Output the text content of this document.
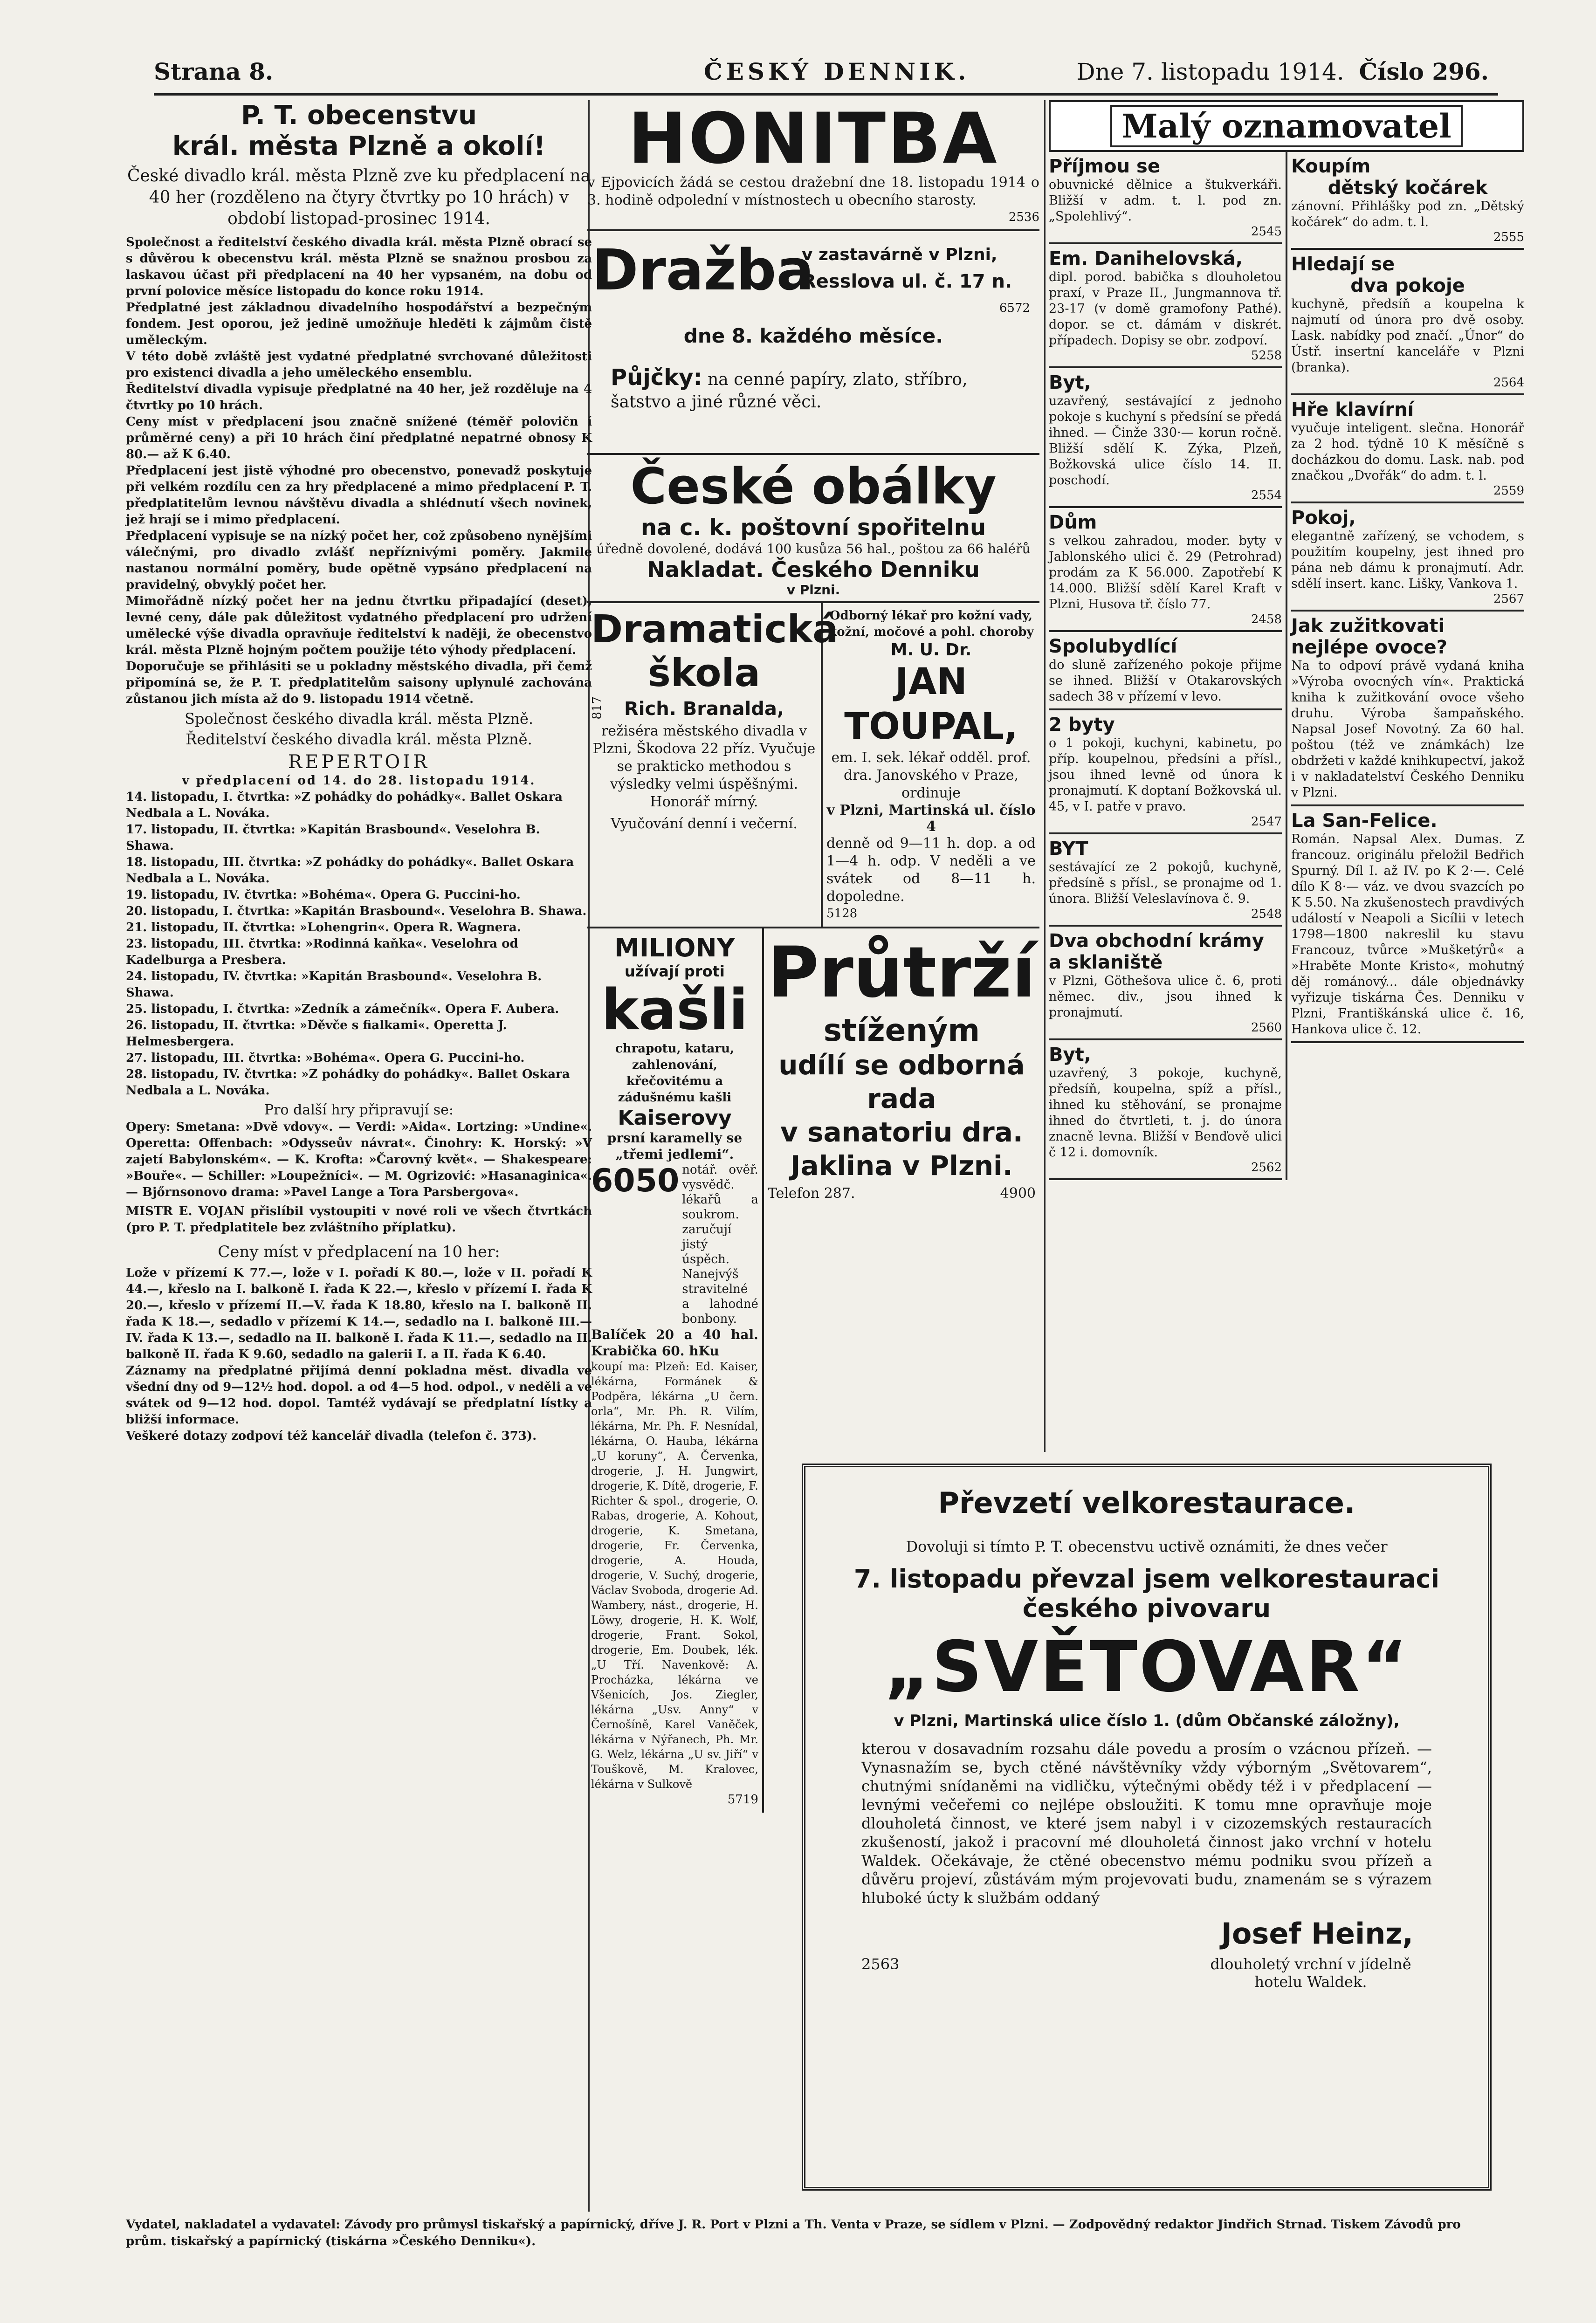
Strana 8.	ČESKÝ DENNIK.	Dne 7. listopadu 1914. Číslo 296.
P. T. obecenstvu
král. města Plzně a okolí!

České divadlo král. města Plzně zve ku předplacení na 40 her (rozděleno na čtyry čtvrtky po 10 hrách) v období listopad-prosinec 1914.

Společnost a ředitelství českého divadla král. města Plzně obrací se s důvěrou k obecenstvu král. města Plzně se snažnou prosbou za laskavou účast při předplacení na 40 her vypsaném, na dobu od první polovice měsíce listopadu do konce roku 1914.

Předplatné jest základnou divadelního hospodářství a bezpečným fondem. Jest oporou, jež jedině umožňuje hleděti k zájmům čistě uměleckým.

V této době zvláště jest vydatné předplatné svrchované důležitosti pro existenci divadla a jeho uměleckého ensemblu.

Ředitelství divadla vypisuje předplatné na 40 her, jež rozděluje na 4 čtvrtky po 10 hrách.

Ceny míst v předplacení jsou značně snížené (téměř polovičn í průměrné ceny) a při 10 hrách činí předplatné nepatrné obnosy K 80.— až K 6.40.

Předplacení jest jistě výhodné pro obecenstvo, ponevadž poskytuje při velkém rozdílu cen za hry předplacené a mimo předplacení P. T. předplatitelům levnou návštěvu divadla a shlédnutí všech novinek, jež hrají se i mimo předplacení.

Předplacení vypisuje se na nízký počet her, což způsobeno nynějšími válečnými, pro divadlo zvlášť nepříznivými poměry. Jakmile nastanou normální poměry, bude opětně vypsáno předplacení na pravidelný, obvyklý počet her.

Mimořádně nízký počet her na jednu čtvrtku připadající (deset), levné ceny, dále pak důležitost vydatného předplacení pro udržení umělecké výše divadla opravňuje ředitelství k naději, že obecenstvo král. města Plzně hojným počtem použije této výhody předplacení.

Doporučuje se přihlásiti se u pokladny městského divadla, při čemž připomíná se, že P. T. předplatitelům saisony uplynulé zachována zůstanou jich místa až do 9. listopadu 1914 včetně.

Společnost českého divadla král. města Plzně.

Ředitelství českého divadla král. města Plzně.

REPERTOIR

v předplacení od 14. do 28. listopadu 1914.

14. listopadu, I. čtvrtka: »Z pohádky do pohádky«. Ballet Oskara Nedbala a L. Nováka.

17. listopadu, II. čtvrtka: »Kapitán Brasbound«. Veselohra B. Shawa.

18. listopadu, III. čtvrtka: »Z pohádky do pohádky«. Ballet Oskara Nedbala a L. Nováka.

19. listopadu, IV. čtvrtka: »Bohéma«. Opera G. Puccini-ho.

20. listopadu, I. čtvrtka: »Kapitán Brasbound«. Veselohra B. Shawa.

21. listopadu, II. čtvrtka: »Lohengrin«. Opera R. Wagnera.

23. listopadu, III. čtvrtka: »Rodinná kaňka«. Veselohra od Kadelburga a Presbera.

24. listopadu, IV. čtvrtka: »Kapitán Brasbound«. Veselohra B. Shawa.

25. listopadu, I. čtvrtka: »Zedník a zámečník«. Opera F. Aubera.

26. listopadu, II. čtvrtka: »Děvče s fialkami«. Operetta J. Helmesbergera.

27. listopadu, III. čtvrtka: »Bohéma«. Opera G. Puccini-ho.

28. listopadu, IV. čtvrtka: »Z pohádky do pohádky«. Ballet Oskara Nedbala a L. Nováka.

Pro další hry připravují se:

Opery: Smetana: »Dvě vdovy«. — Verdi: »Aida«. Lortzing: »Undine«. Operetta: Offenbach: »Odysseův návrat«. Činohry: K. Horský: »V zajetí Babylonském«. — K. Krofta: »Čarovný květ«. — Shakespeare: »Bouře«. — Schiller: »Loupežníci«. — M. Ogrizović: »Hasanaginica«. — Bjőrnsonovo drama: »Pavel Lange a Tora Parsbergova«.

MISTR E. VOJAN přislíbil vystoupiti v nové roli ve všech čtvrtkách (pro P. T. předplatitele bez zvláštního příplatku).

Ceny míst v předplacení na 10 her:

Lože v přízemí K 77.—, lože v I. pořadí K 80.—, lože v II. pořadí K 44.—, křeslo na I. balkoně I. řada K 22.—, křeslo v přízemí I. řada K 20.—, křeslo v přízemí II.—V. řada K 18.80, křeslo na I. balkoně II. řada K 18.—, sedadlo v přízemí K 14.—, sedadlo na I. balkoně III.—IV. řada K 13.—, sedadlo na II. balkoně I. řada K 11.—, sedadlo na II. balkoně II. řada K 9.60, sedadlo na galerii I. a II. řada K 6.40.

Záznamy na předplatné přijímá denní pokladna měst. divadla ve všední dny od 9—12½ hod. dopol. a od 4—5 hod. odpol., v neděli a ve svátek od 9—12 hod. dopol. Tamtéž vydávají se předplatní lístky a bližší informace.

Veškeré dotazy zodpoví též kancelář divadla (telefon č. 373).

HONITBA

v Ejpovicích žádá se cestou dražební dne 18. listopadu 1914 o 3. hodině odpolední v místnostech u obecního starosty.

2536

Dražba
v zastavárně v Plzni,
Resslova ul. č. 17 n.
6572
dne 8. každého měsíce.
Půjčky: na cenné papíry, zlato, stříbro, šatstvo a jiné různé věci.
České obálky
na c. k. poštovní spořitelnu

úředně dovolené, dodává 100 kusůza 56 hal., poštou za 66 haléřů

Nakladat. Českého Denniku
v Plzni.
Dramatická
škola
817	Rich. Branalda,

režiséra městského divadla v Plzni, Škodova 22 příz. Vyučuje se prakticko methodou s výsledky velmi úspěšnými. Honorář mírný.

Vyučování denní i večerní.

Odborný lékař pro kožní vady, kožní, močové a pohl. choroby

M. U. Dr.
JAN TOUPAL,

em. I. sek. lékař odděl. prof. dra. Janovského v Praze, ordinuje

v Plzni, Martinská ul. číslo 4

denně od 9—11 h. dop. a od 1—4 h. odp. V neděli a ve svátek od 8—11 h. dopoledne.

5128

MILIONY
užívají proti
kašli

chrapotu, kataru, zahlenování, křečovitému a zádušnému kašli

Kaiserovy

prsní karamelly se „třemi jedlemi“.

6050 notář. ověř. vysvědč. lékařů a soukrom. zaručují jistý úspěch. Nanejvýš stravitelné a lahodné bonbony.

Balíček 20 a 40 hal. Krabička 60. hKu

koupí ma: Plzeň: Ed. Kaiser, lékárna, Formánek & Podpěra, lékárna „U čern. orla“, Mr. Ph. R. Vilím, lékárna, Mr. Ph. F. Nesnídal, lékárna, O. Hauba, lékárna „U koruny“, A. Červenka, drogerie, J. H. Jungwirt, drogerie, K. Dítě, drogerie, F. Richter & spol., drogerie, O. Rabas, drogerie, A. Kohout, drogerie, K. Smetana, drogerie, Fr. Červenka, drogerie, A. Houda, drogerie, V. Suchý, drogerie, Václav Svoboda, drogerie Ad. Wambery, nást., drogerie, H. Löwy, drogerie, H. K. Wolf, drogerie, Frant. Sokol, drogerie, Em. Doubek, lék. „U Tří. Navenkově: A. Procházka, lékárna ve Všenicích, Jos. Ziegler, lékárna „Usv. Anny“ v Černošíně, Karel Vaněček, lékárna v Nýřanech, Ph. Mr. G. Welz, lékárna „U sv. Jiří“ v Touškově, M. Kralovec, lékárna v Sulkově

5719

Průtrží
stíženým
udílí se odborná rada
v sanatoriu dra. Jaklina v Plzni.
Telefon 287.	4900
Malý oznamovatel
Příjmou se

obuvnické dělnice a štukverkáři. Bližší v adm. t. l. pod zn. „Spolehlivý“.

2545
Em. Danihelovská,

dipl. porod. babička s dlouholetou praxí, v Praze II., Jungmannova tř. 23-17 (v domě gramofony Pathé). dopor. se ct. dámám v diskrét. případech. Dopisy se obr. zodpoví.

5258
Byt,

uzavřený, sestávající z jednoho pokoje s kuchyní s předsíní se předá ihned. — Činže 330·— korun ročně. Bližší sdělí K. Zýka, Plzeň, Božkovská ulice číslo 14. II. poschodí.

2554
Dům

s velkou zahradou, moder. byty v Jablonského ulici č. 29 (Petrohrad) prodám za K 56.000. Zapotřebí K 14.000. Bližší sdělí Karel Kraft v Plzni, Husova tř. číslo 77.

2458
Spolubydlící

do sluně zařízeného pokoje přijme se ihned. Bližší v Otakarovských sadech 38 v přízemí v levo.

2 byty

o 1 pokoji, kuchyni, kabinetu, po příp. koupelnou, předsíni a přísl., jsou ihned levně od února k pronajmutí. K doptaní Božkovská ul. 45, v I. patře v pravo.

2547
BYT

sestávající ze 2 pokojů, kuchyně, předsíně s přísl., se pronajme od 1. února. Bližší Veleslavínova č. 9.

2548
Dva obchodní krámy a sklaniště

v Plzni, Göthešova ulice č. 6, proti němec. div., jsou ihned k pronajmutí.

2560
Byt,

uzavřený, 3 pokoje, kuchyně, předsíň, koupelna, spíž a přísl., ihned ku stěhování, se pronajme ihned do čtvrtleti, t. j. do února znacně levna. Bližší v Benďově ulici č 12 i. domovník.

2562
Koupím
dětský kočárek

zánovní. Přihlášky pod zn. „Dětský kočárek“ do adm. t. l.

2555
Hledají se
dva pokoje

kuchyně, předsíň a koupelna k najmutí od února pro dvě osoby. Lask. nabídky pod značí. „Únor“ do Ústř. insertní kanceláře v Plzni (branka).

2564
Hře klavírní

vyučuje inteligent. slečna. Honorář za 2 hod. týdně 10 K měsíčně s docházkou do domu. Lask. nab. pod značkou „Dvořák“ do adm. t. l.

2559
Pokoj,

elegantně zařízený, se vchodem, s použitím koupelny, jest ihned pro pána neb dámu k pronajmutí. Adr. sdělí insert. kanc. Lišky, Vankova 1.

2567
Jak zužitkovati nejlépe ovoce?

Na to odpoví právě vydaná kniha »Výroba ovocných vín«. Praktická kniha k zužitkování ovoce všeho druhu. Výroba šampaňského. Napsal Josef Novotný. Za 60 hal. poštou (též ve známkách) lze obdržeti v každé knihkupectví, jakož i v nakladatelství Českého Denniku v Plzni.

La San-Felice.

Román. Napsal Alex. Dumas. Z francouz. originálu přeložil Bedřich Spurný. Díl I. až IV. po K 2·—. Celé dílo K 8·— váz. ve dvou svazcích po K 5.50. Na zkušenostech pravdivých událostí v Neapoli a Sicílii v letech 1798—1800 nakreslil ku stavu Francouz, tvůrce »Mušketýrů« a »Hraběte Monte Kristo«, mohutný děj románový... dále objednávky vyřizuje tiskárna Čes. Denniku v Plzni, Františkánská ulice č. 16, Hankova ulice č. 12.

Převzetí velkorestaurace.

Dovoluji si tímto P. T. obecenstvu uctivě oznámiti, že dnes večer

7. listopadu převzal jsem velkorestauraci českého pivovaru
„SVĚTOVAR“
v Plzni, Martinská ulice číslo 1. (dům Občanské záložny),

kterou v dosavadním rozsahu dále povedu a prosím o vzácnou přízeň. — Vynasnažím se, bych ctěné návštěvníky vždy výborným „Světovarem“, chutnými snídaněmi na vidličku, výtečnými obědy též i v předplacení — levnými večeřemi co nejlépe obsloužiti. K tomu mne opravňuje moje dlouholetá činnost, ve které jsem nabyl i v cizozemských restauracích zkušeností, jakož i pracovní mé dlouholetá činnost jako vrchní v hotelu Waldek. Očekávaje, že ctěné obecenstvo mému podniku svou přízeň a důvěru projeví, zůstávám mým projevovati budu, znamenám se s výrazem hluboké úcty k službám oddaný

Josef Heinz,
2563	dlouholetý vrchní v jídelně hotelu Waldek.
Vydatel, nakladatel a vydavatel: Závody pro průmysl tiskařský a papírnický, dříve J. R. Port v Plzni a Th. Venta v Praze, se sídlem v Plzni. — Zodpovědný redaktor Jindřich Strnad. Tiskem Závodů pro prům. tiskařský a papírnický (tiskárna »Českého Denniku«).
